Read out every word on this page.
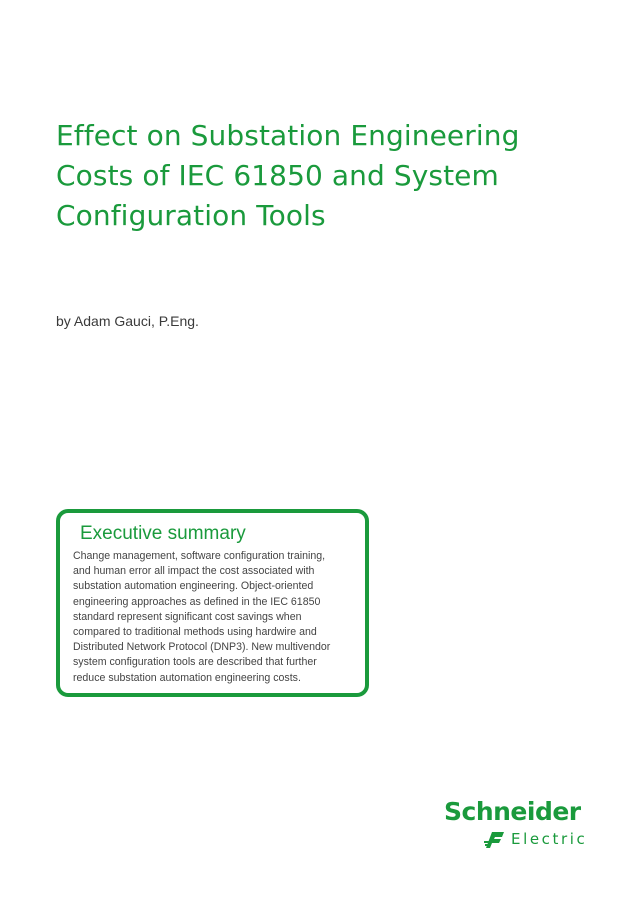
Effect on Substation Engineering
Costs of IEC 61850 and System
Configuration Tools
by Adam Gauci, P.Eng.
Executive summary
Change management, software configuration training,
and human error all impact the cost associated with
substation automation engineering. Object-oriented
engineering approaches as defined in the IEC 61850
standard represent significant cost savings when
compared to traditional methods using hardwire and
Distributed Network Protocol (DNP3). New multivendor
system configuration tools are described that further
reduce substation automation engineering costs.
Schneider
Electric
